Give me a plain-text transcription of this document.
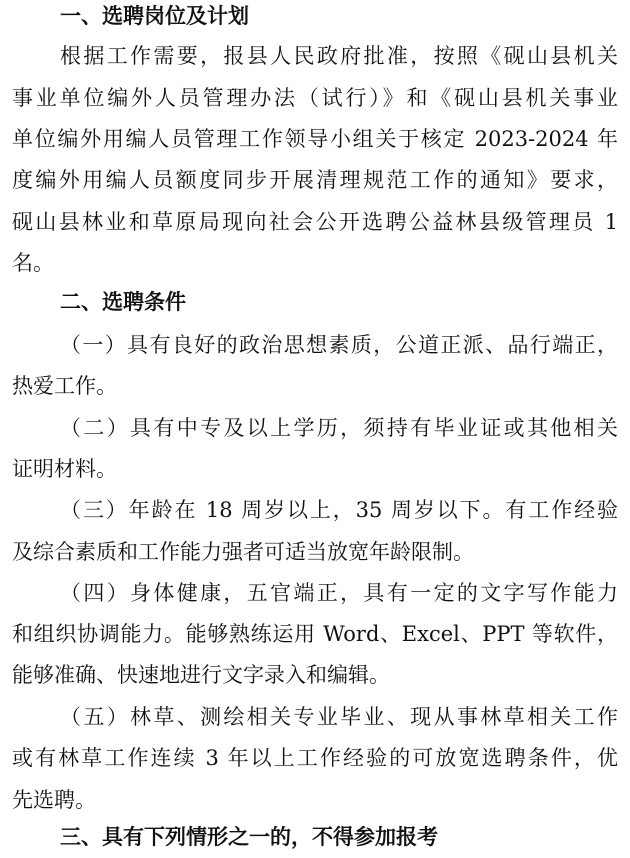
一、选聘岗位及计划
根据工作需要，报县人民政府批准，按照《砚山县机关
事业单位编外人员管理办法（试行）》和《砚山县机关事业
单位编外用编人员管理工作领导小组关于核定 2023-2024 年
度编外用编人员额度同步开展清理规范工作的通知》要求，
砚山县林业和草原局现向社会公开选聘公益林县级管理员 1
名。
二、选聘条件
（一）具有良好的政治思想素质，公道正派、品行端正，
热爱工作。
（二）具有中专及以上学历，须持有毕业证或其他相关
证明材料。
（三）年龄在 18 周岁以上，35 周岁以下。有工作经验
及综合素质和工作能力强者可适当放宽年龄限制。
（四）身体健康，五官端正，具有一定的文字写作能力
和组织协调能力。能够熟练运用 Word、Excel、PPT 等软件，
能够准确、快速地进行文字录入和编辑。
（五）林草、测绘相关专业毕业、现从事林草相关工作
或有林草工作连续 3 年以上工作经验的可放宽选聘条件，优
先选聘。
三、具有下列情形之一的，不得参加报考
